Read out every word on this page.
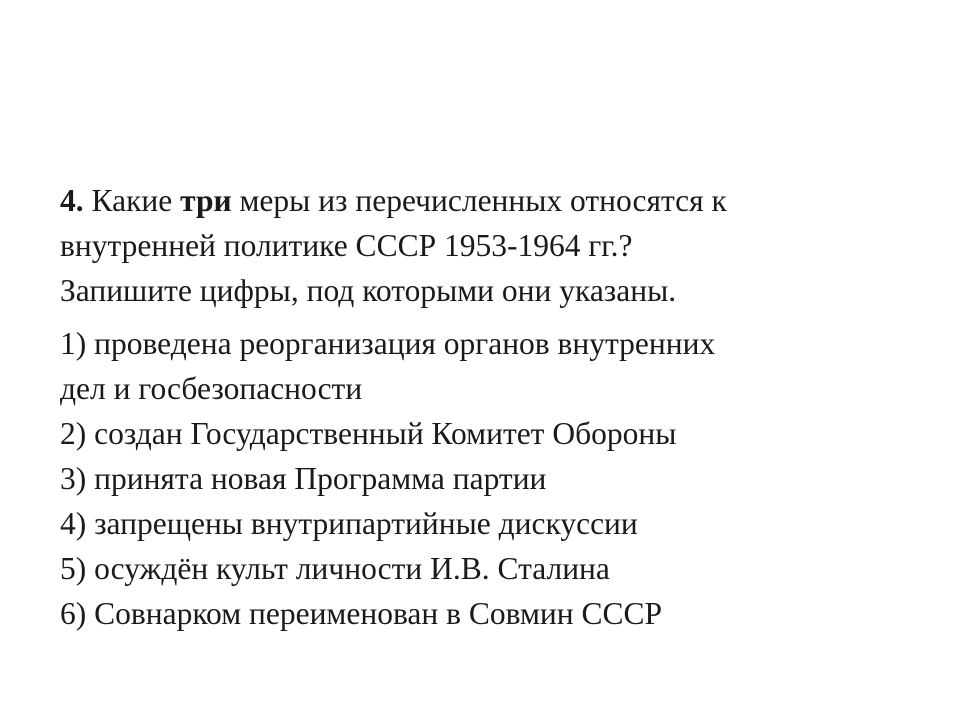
4. Какие три меры из перечисленных относятся к
внутренней политике СССР 1953-1964 гг.?
Запишите цифры, под которыми они указаны.
1) проведена реорганизация органов внутренних
дел и госбезопасности
2) создан Государственный Комитет Обороны
3) принята новая Программа партии
4) запрещены внутрипартийные дискуссии
5) осуждён культ личности И.В. Сталина
6) Совнарком переименован в Совмин СССР
